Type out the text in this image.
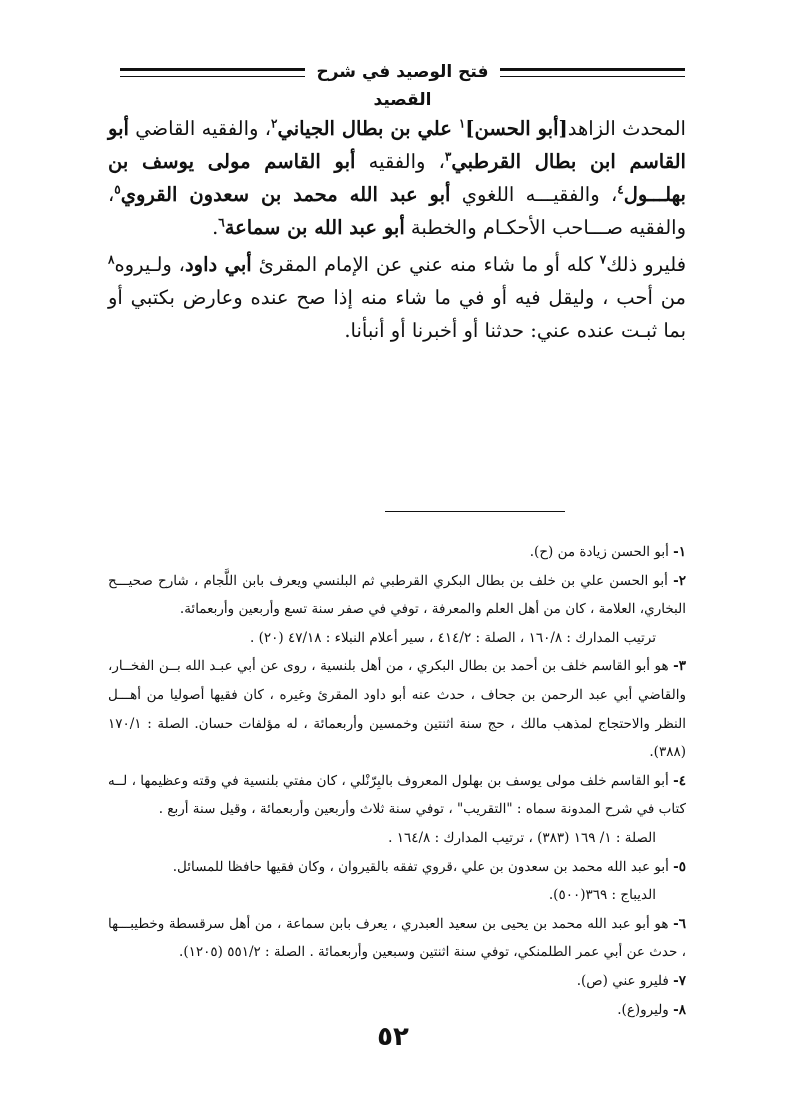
فتح الوصيد في شرح القصيد

المحدث الزاهد[أبو الحسن]$^١$ علي بن بطال الجياني$^٢$، والفقيه القاضي أبو القاسم ابن بطال القرطبي$^٣$، والفقيه أبو القاسم مولى يوسف بن بهلـــول$^٤$، والفقيـــه اللغوي أبو عبد الله محمد بن سعدون القروي$^٥$، والفقيه صـــاحب الأحكـام والخطبة أبو عبد الله بن سماعة$^٦$.

فليرو ذلك$^٧$ كله أو ما شاء منه عني عن الإمام المقرئ أبي داود، ولـيروه$^٨$ من أحب ، وليقل فيه أو في ما شاء منه إذا صح عنده وعارض بكتبي أو بما ثبـت عنده عني: حدثنا أو أخبرنا أو أنبأنا.

١- أبو الحسن زيادة من (ح).
٢- أبو الحسن علي بن خلف بن بطال البكري القرطبي ثم البلنسي ويعرف بابن اللَّجام ، شارح صحيـــح البخاري، العلامة ، كان من أهل العلم والمعرفة ، توفي في صفر سنة تسع وأربعين وأربعمائة.
ترتيب المدارك : ١٦٠/٨ ، الصلة : ٤١٤/٢ ، سير أعلام النبلاء : ٤٧/١٨ (٢٠) .
٣- هو أبو القاسم خلف بن أحمد بن بطال البكري ، من أهل بلنسية ، روى عن أبي عبـد الله بــن الفخــار، والقاضي أبي عبد الرحمن بن جحاف ، حدث عنه أبو داود المقرئ وغيره ، كان فقيها أصوليا من أهـــل النظر والاحتجاج لمذهب مالك ، حج سنة اثنتين وخمسين وأربعمائة ، له مؤلفات حسان. الصلة : ١٧٠/١ (٣٨٨).
٤- أبو القاسم خلف مولى يوسف بن بهلول المعروف بالبِرّنْلي ، كان مفتي بلنسية في وقته وعظيمها ، لــه كتاب في شرح المدونة سماه : "التقريب" ، توفي سنة ثلاث وأربعين وأربعمائة ، وقيل سنة أربع .
الصلة : ١/ ١٦٩ (٣٨٣) ، ترتيب المدارك : ١٦٤/٨ .
٥- أبو عبد الله محمد بن سعدون بن علي ،قروي تفقه بالقيروان ، وكان فقيها حافظا للمسائل.
الديباج : ٣٦٩(٥٠٠).
٦- هو أبو عبد الله محمد بن يحيى بن سعيد العبدري ، يعرف بابن سماعة ، من أهل سرقسطة وخطيبـــها ، حدث عن أبي عمر الطلمنكي، توفي سنة اثنتين وسبعين وأربعمائة . الصلة : ٥٥١/٢ (١٢٠٥).
٧- فليرو عني (ص).
٨- وليرو(ع).
٥٢
